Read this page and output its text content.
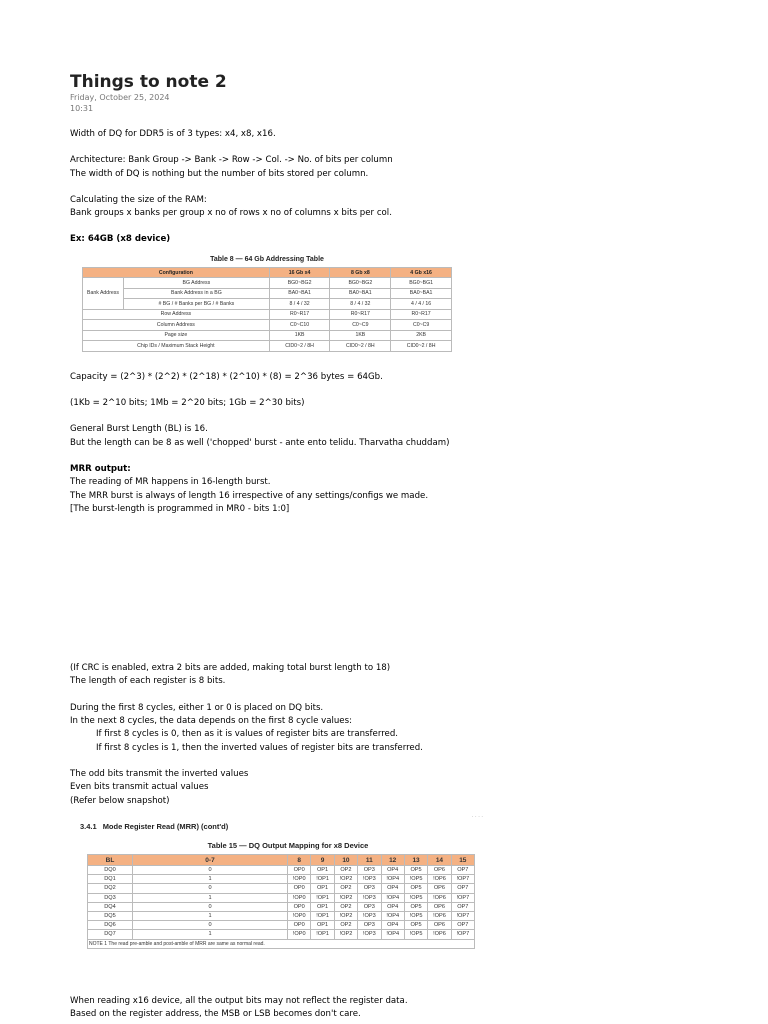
Things to note 2
Friday, October 25, 2024
10:31
Width of DQ for DDR5 is of 3 types: x4, x8, x16.
Architecture: Bank Group -> Bank -> Row -> Col. -> No. of bits per column
The width of DQ is nothing but the number of bits stored per column.
Calculating the size of the RAM:
Bank groups x banks per group x no of rows x no of columns x bits per col.
Ex: 64GB (x8 device)
Capacity = (2^3) * (2^2) * (2^18) * (2^10) * (8) = 2^36 bytes = 64Gb.
(1Kb = 2^10 bits; 1Mb = 2^20 bits; 1Gb = 2^30 bits)
General Burst Length (BL) is 16.
But the length can be 8 as well ('chopped' burst - ante ento telidu. Tharvatha chuddam)
MRR output:
The reading of MR happens in 16-length burst.
The MRR burst is always of length 16 irrespective of any settings/configs we made.
[The burst-length is programmed in MR0 - bits 1:0]
(If CRC is enabled, extra 2 bits are added, making total burst length to 18)
The length of each register is 8 bits.
During the first 8 cycles, either 1 or 0 is placed on DQ bits.
In the next 8 cycles, the data depends on the first 8 cycle values:
If first 8 cycles is 0, then as it is values of register bits are transferred.
If first 8 cycles is 1, then the inverted values of register bits are transferred.
The odd bits transmit the inverted values
Even bits transmit actual values
(Refer below snapshot)
When reading x16 device, all the output bits may not reflect the register data.
Based on the register address, the MSB or LSB becomes don't care.
Table 8 — 64 Gb Addressing Table
Configuration		16 Gb x4	8 Gb x8	4 Gb x16
Bank Address	BG Address	BG0~BG2	BG0~BG2	BG0~BG1
	Bank Address in a BG	BA0~BA1	BA0~BA1	BA0~BA1
	# BG / # Banks per BG / # Banks	8 / 4 / 32	8 / 4 / 32	4 / 4 / 16
Row Address		R0~R17	R0~R17	R0~R17
Column Address		C0~C10	C0~C9	C0~C9
Page size		1KB	1KB	2KB
Chip IDs / Maximum Stack Height		CID0~2 / 8H	CID0~2 / 8H	CID0~2 / 8H
· · · ·
3.4.1 Mode Register Read (MRR) (cont'd)
Table 15 — DQ Output Mapping for x8 Device
BL	0-7	8	9	10	11	12	13	14	15
DQ0	0	OP0	OP1	OP2	OP3	OP4	OP5	OP6	OP7
DQ1	1	!OP0	!OP1	!OP2	!OP3	!OP4	!OP5	!OP6	!OP7
DQ2	0	OP0	OP1	OP2	OP3	OP4	OP5	OP6	OP7
DQ3	1	!OP0	!OP1	!OP2	!OP3	!OP4	!OP5	!OP6	!OP7
DQ4	0	OP0	OP1	OP2	OP3	OP4	OP5	OP6	OP7
DQ5	1	!OP0	!OP1	!OP2	!OP3	!OP4	!OP5	!OP6	!OP7
DQ6	0	OP0	OP1	OP2	OP3	OP4	OP5	OP6	OP7
DQ7	1	!OP0	!OP1	!OP2	!OP3	!OP4	!OP5	!OP6	!OP7
NOTE 1 The read pre-amble and post-amble of MRR are same as normal read.									
